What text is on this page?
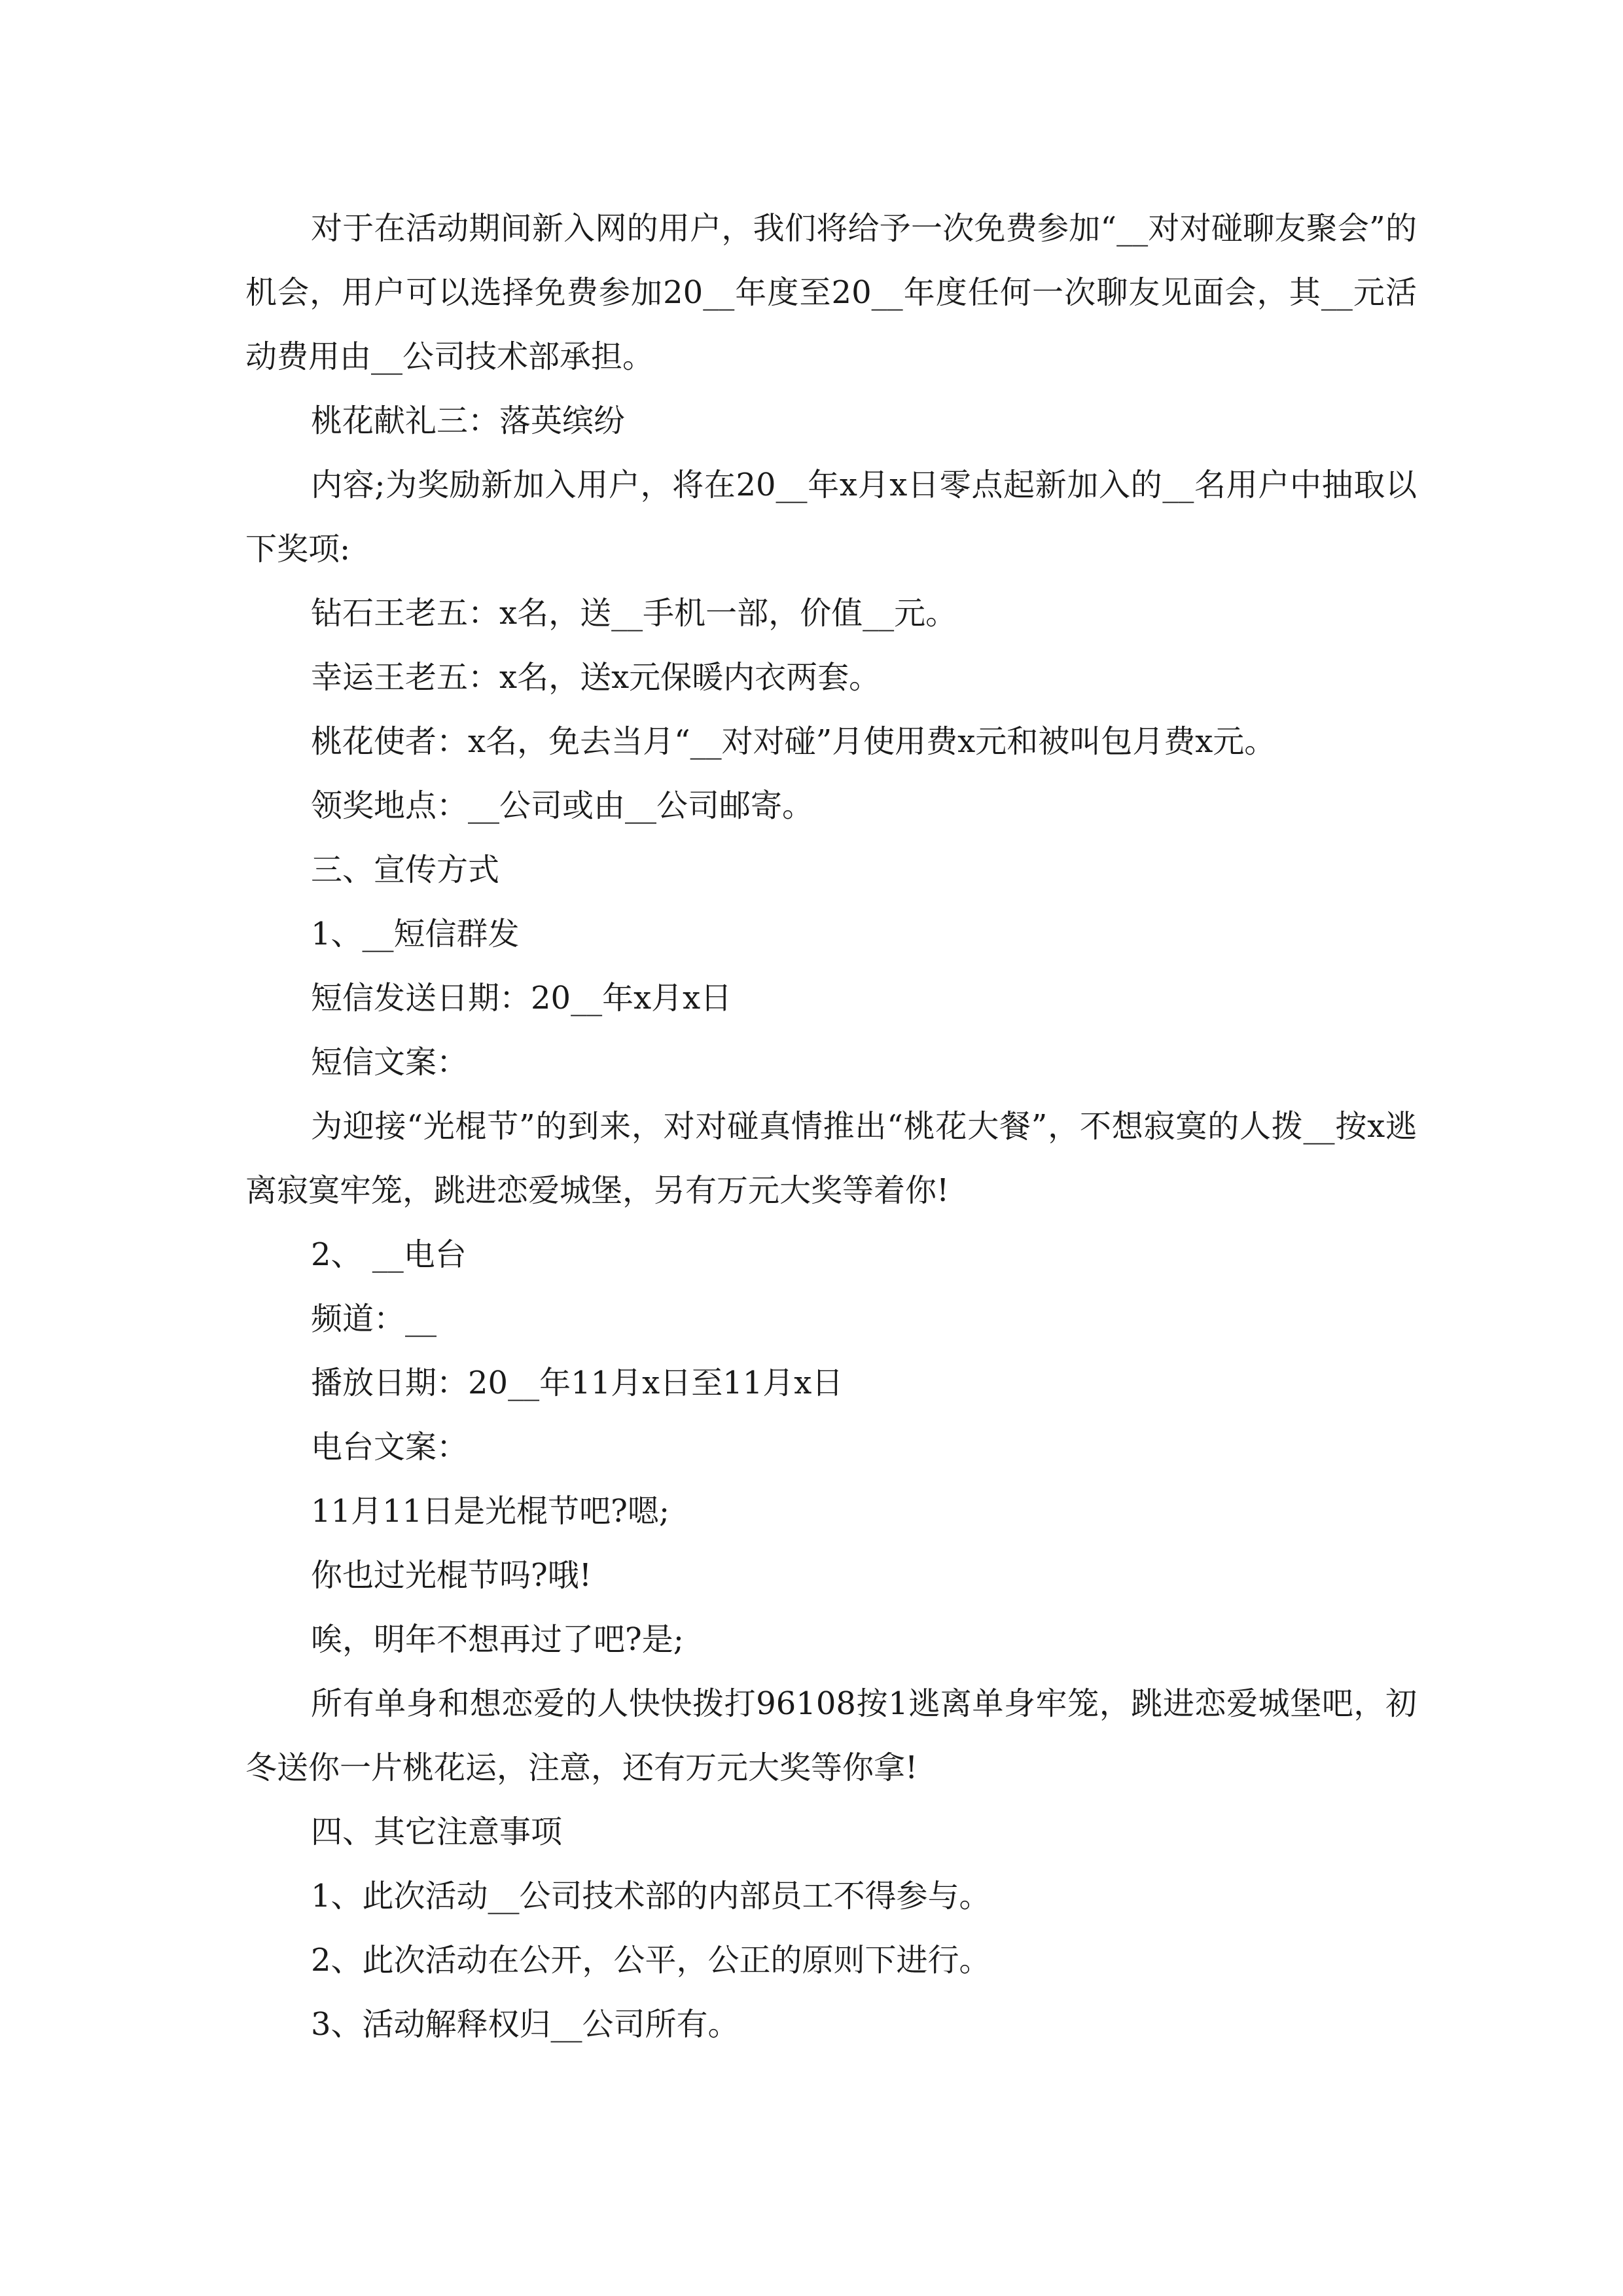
对于在活动期间新入网的用户，我们将给予一次免费参加“__对对碰聊友聚会”的机会，用户可以选择免费参加20__年度至20__年度任何一次聊友见面会，其__元活动费用由__公司技术部承担。

桃花献礼三：落英缤纷

内容;为奖励新加入用户，将在20__年x月x日零点起新加入的__名用户中抽取以下奖项:

钻石王老五：x名，送__手机一部，价值__元。

幸运王老五：x名，送x元保暖内衣两套。

桃花使者：x名，免去当月“__对对碰”月使用费x元和被叫包月费x元。

领奖地点：__公司或由__公司邮寄。

三、宣传方式

1、__短信群发

短信发送日期：20__年x月x日

短信文案：

为迎接“光棍节”的到来，对对碰真情推出“桃花大餐”，不想寂寞的人拨__按x逃离寂寞牢笼，跳进恋爱城堡，另有万元大奖等着你!

2、 __电台

频道：__

播放日期：20__年11月x日至11月x日

电台文案：

11月11日是光棍节吧?嗯;

你也过光棍节吗?哦!

唉，明年不想再过了吧?是;

所有单身和想恋爱的人快快拨打96108按1逃离单身牢笼，跳进恋爱城堡吧，初冬送你一片桃花运，注意，还有万元大奖等你拿!

四、其它注意事项

1、此次活动__公司技术部的内部员工不得参与。

2、此次活动在公开，公平，公正的原则下进行。

3、活动解释权归__公司所有。
